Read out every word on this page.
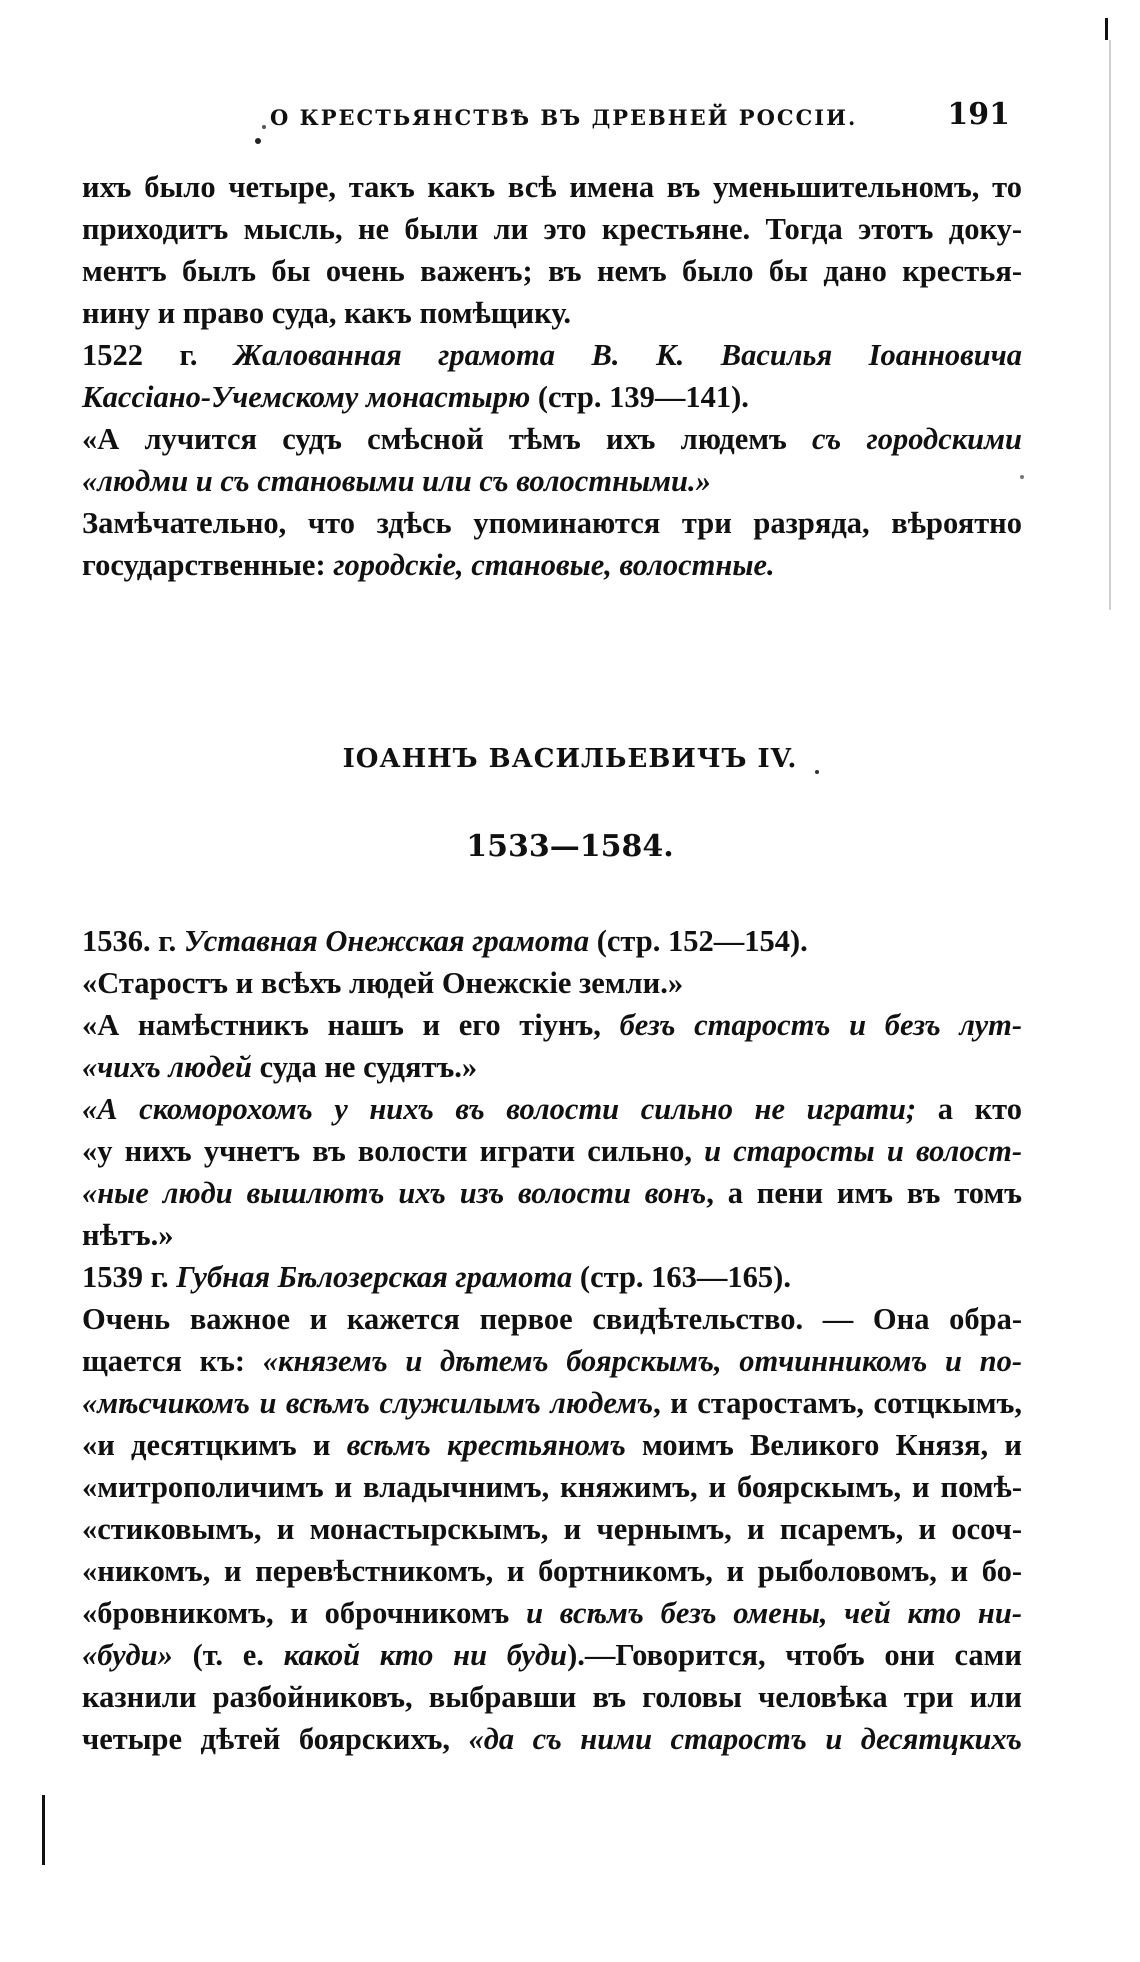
О КРЕСТЬЯНСТВѢ ВЪ ДРЕВНЕЙ РОССІИ.	191
ихъ было четыре, такъ какъ всѣ имена въ уменьшительномъ, то
приходитъ мысль, не были ли это крестьяне. Тогда этотъ доку-
ментъ былъ бы очень важенъ; въ немъ было бы дано крестья-
нину и право суда, какъ помѣщику.
1522 г. Жалованная грамота В. К. Василья Іоанновича
Кассіано-Учемскому монастырю (стр. 139—141).
«А лучится судъ смѣсной тѣмъ ихъ людемъ съ городскими
«людми и съ становыми или съ волостными.»
Замѣчательно, что здѣсь упоминаются три разряда, вѣроятно
государственные: городскіе, становые, волостные.
ІОАННЪ ВАСИЛЬЕВИЧЪ IV.
1533—1584.
1536. г. Уставная Онежская грамота (стр. 152—154).
«Старостъ и всѣхъ людей Онежскіе земли.»
«А намѣстникъ нашъ и его тіунъ, безъ старостъ и безъ лут-
«чихъ людей суда не судятъ.»
«А скоморохомъ у нихъ въ волости сильно не играти; а кто
«у нихъ учнетъ въ волости играти сильно, и старосты и волост-
«ные люди вышлютъ ихъ изъ волости вонъ, а пени имъ въ томъ
нѣтъ.»
1539 г. Губная Бѣлозерская грамота (стр. 163—165).
Очень важное и кажется первое свидѣтельство. — Она обра-
щается къ: «княземъ и дѣтемъ боярскымъ, отчинникомъ и по-
«мѣсчикомъ и всѣмъ служилымъ людемъ, и старостамъ, сотцкымъ,
«и десятцкимъ и всѣмъ крестьяномъ моимъ Великого Князя, и
«митрополичимъ и владычнимъ, княжимъ, и боярскымъ, и помѣ-
«стиковымъ, и монастырскымъ, и чернымъ, и псаремъ, и осоч-
«никомъ, и перевѣстникомъ, и бортникомъ, и рыболовомъ, и бо-
«бровникомъ, и оброчникомъ и всѣмъ безъ омены, чей кто ни-
«буди» (т. е. какой кто ни буди).—Говорится, чтобъ они сами
казнили разбойниковъ, выбравши въ головы человѣка три или
четыре дѣтей боярскихъ, «да съ ними старостъ и десятцкихъ
